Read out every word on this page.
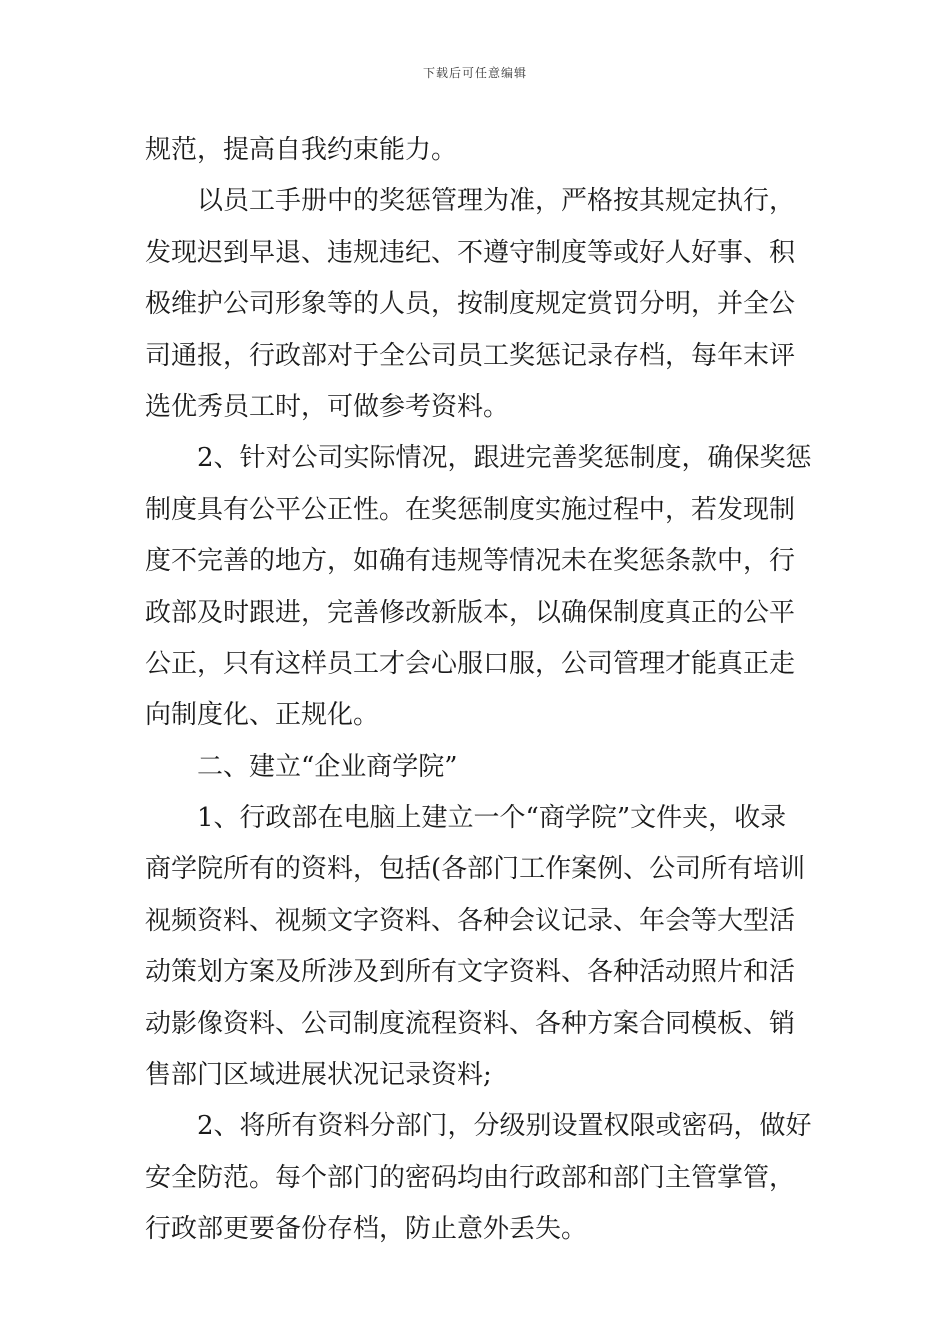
下载后可任意编辑
规范，提高自我约束能力。
以员工手册中的奖惩管理为准，严格按其规定执行，
发现迟到早退、违规违纪、不遵守制度等或好人好事、积
极维护公司形象等的人员，按制度规定赏罚分明，并全公
司通报，行政部对于全公司员工奖惩记录存档，每年末评
选优秀员工时，可做参考资料。
2、针对公司实际情况，跟进完善奖惩制度，确保奖惩
制度具有公平公正性。在奖惩制度实施过程中，若发现制
度不完善的地方，如确有违规等情况未在奖惩条款中，行
政部及时跟进，完善修改新版本，以确保制度真正的公平
公正，只有这样员工才会心服口服，公司管理才能真正走
向制度化、正规化。
二、建立“企业商学院”
1、行政部在电脑上建立一个“商学院”文件夹，收录
商学院所有的资料，包括(各部门工作案例、公司所有培训
视频资料、视频文字资料、各种会议记录、年会等大型活
动策划方案及所涉及到所有文字资料、各种活动照片和活
动影像资料、公司制度流程资料、各种方案合同模板、销
售部门区域进展状况记录资料;
2、将所有资料分部门，分级别设置权限或密码，做好
安全防范。每个部门的密码均由行政部和部门主管掌管，
行政部更要备份存档，防止意外丢失。
